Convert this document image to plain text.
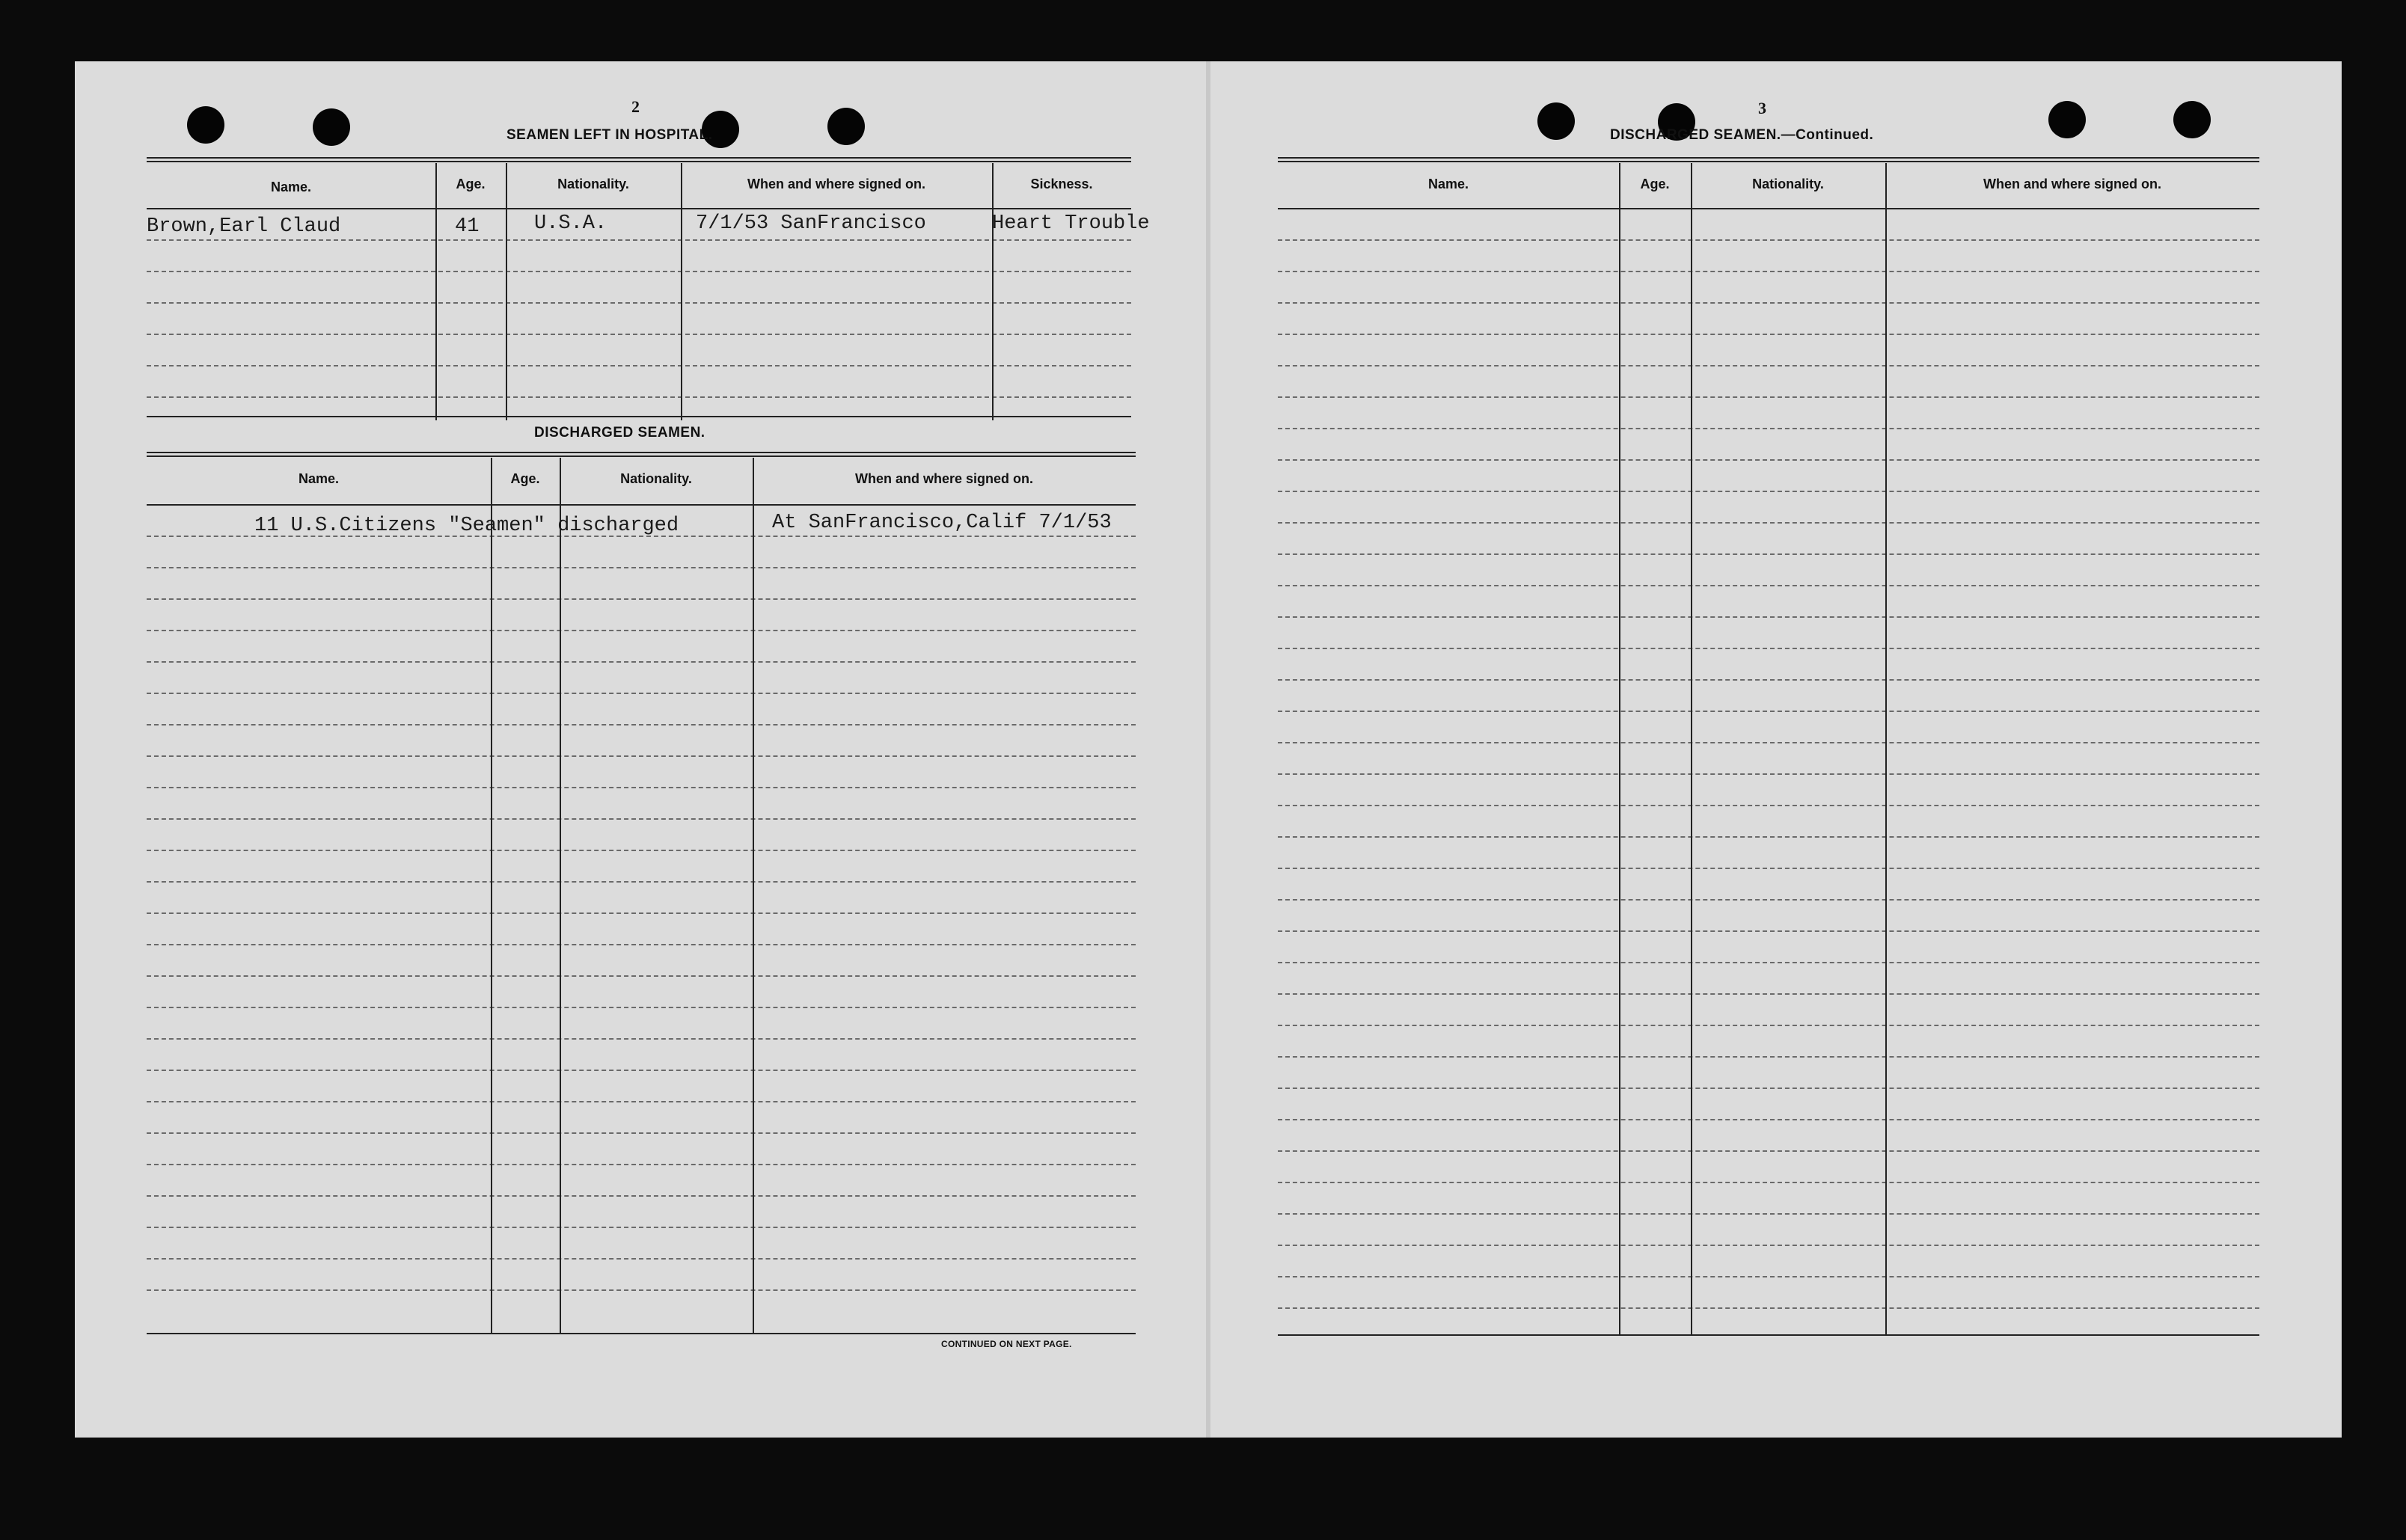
2
SEAMEN LEFT IN HOSPITAL.
Name.	Age.	Nationality.	When and where signed on.	Sickness.
Brown,Earl Claud	41	U.S.A.	7/1/53 SanFrancisco	Heart Trouble
DISCHARGED SEAMEN.
Name.	Age.	Nationality.	When and where signed on.
11 U.S.Citizens "Seamen" discharged	At SanFrancisco,Calif 7/1/53
CONTINUED ON NEXT PAGE.
3
DISCHARGED SEAMEN.—Continued.
Name.	Age.	Nationality.	When and where signed on.
